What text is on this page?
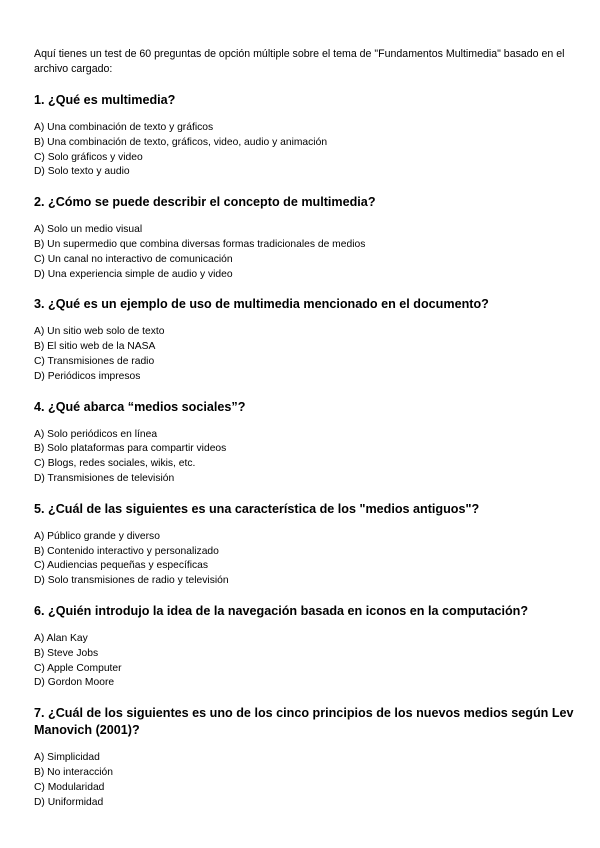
Aquí tienes un test de 60 preguntas de opción múltiple sobre el tema de "Fundamentos Multimedia" basado en el archivo cargado:

1. ¿Qué es multimedia?
A) Una combinación de texto y gráficos
B) Una combinación de texto, gráficos, video, audio y animación
C) Solo gráficos y video
D) Solo texto y audio
2. ¿Cómo se puede describir el concepto de multimedia?
A) Solo un medio visual
B) Un supermedio que combina diversas formas tradicionales de medios
C) Un canal no interactivo de comunicación
D) Una experiencia simple de audio y video
3. ¿Qué es un ejemplo de uso de multimedia mencionado en el documento?
A) Un sitio web solo de texto
B) El sitio web de la NASA
C) Transmisiones de radio
D) Periódicos impresos
4. ¿Qué abarca “medios sociales”?
A) Solo periódicos en línea
B) Solo plataformas para compartir videos
C) Blogs, redes sociales, wikis, etc.
D) Transmisiones de televisión
5. ¿Cuál de las siguientes es una característica de los "medios antiguos"?
A) Público grande y diverso
B) Contenido interactivo y personalizado
C) Audiencias pequeñas y específicas
D) Solo transmisiones de radio y televisión
6. ¿Quién introdujo la idea de la navegación basada en iconos en la computación?
A) Alan Kay
B) Steve Jobs
C) Apple Computer
D) Gordon Moore
7. ¿Cuál de los siguientes es uno de los cinco principios de los nuevos medios según Lev Manovich (2001)?
A) Simplicidad
B) No interacción
C) Modularidad
D) Uniformidad
